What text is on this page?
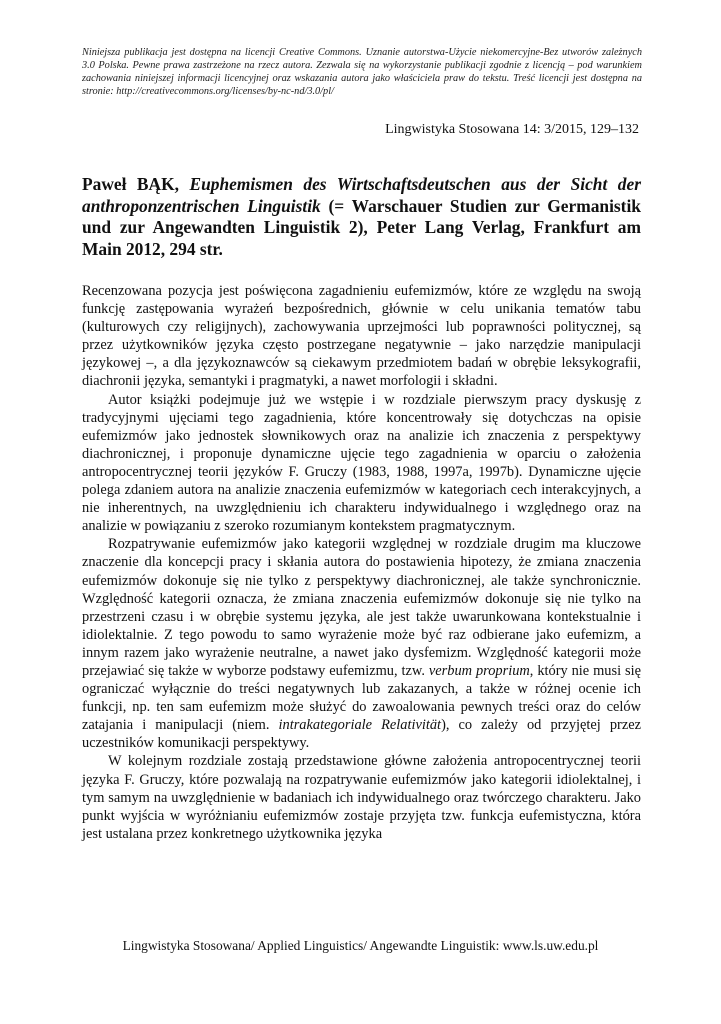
Niniejsza publikacja jest dostępna na licencji Creative Commons. Uznanie autorstwa-Użycie niekomercyjne-Bez utworów zależnych 3.0 Polska. Pewne prawa zastrzeżone na rzecz autora. Zezwala się na wykorzystanie publikacji zgodnie z licencją – pod warunkiem zachowania niniejszej informacji licencyjnej oraz wskazania autora jako właściciela praw do tekstu. Treść licencji jest dostępna na stronie: http://creativecommons.org/licenses/by-nc-nd/3.0/pl/
Lingwistyka Stosowana 14: 3/2015, 129–132
Paweł BĄK, Euphemismen des Wirtschaftsdeutschen aus der Sicht der anthroponzentrischen Linguistik (= Warschauer Studien zur Germanistik und zur Angewandten Linguistik 2), Peter Lang Verlag, Frankfurt am Main 2012, 294 str.

Recenzowana pozycja jest poświęcona zagadnieniu eufemizmów, które ze względu na swoją funkcję zastępowania wyrażeń bezpośrednich, głównie w celu unikania tematów tabu (kulturowych czy religijnych), zachowywania uprzejmości lub poprawności politycznej, są przez użytkowników języka często postrzegane negatywnie – jako narzędzie manipulacji językowej –, a dla językoznawców są ciekawym przedmiotem badań w obrębie leksykografii, diachronii języka, semantyki i pragmatyki, a nawet morfologii i składni.

Autor książki podejmuje już we wstępie i w rozdziale pierwszym pracy dyskusję z tradycyjnymi ujęciami tego zagadnienia, które koncentrowały się dotychczas na opisie eufemizmów jako jednostek słownikowych oraz na analizie ich znaczenia z perspektywy diachronicznej, i proponuje dynamiczne ujęcie tego zagadnienia w oparciu o założenia antropocentrycznej teorii języków F. Gruczy (1983, 1988, 1997a, 1997b). Dynamiczne ujęcie polega zdaniem autora na analizie znaczenia eufemizmów w kategoriach cech interakcyjnych, a nie inherentnych, na uwzględnieniu ich charakteru indywidualnego i względnego oraz na analizie w powiązaniu z szeroko rozumianym kontekstem pragmatycznym.

Rozpatrywanie eufemizmów jako kategorii względnej w rozdziale drugim ma kluczowe znaczenie dla koncepcji pracy i skłania autora do postawienia hipotezy, że zmiana znaczenia eufemizmów dokonuje się nie tylko z perspektywy diachronicznej, ale także synchronicznie. Względność kategorii oznacza, że zmiana znaczenia eufemizmów dokonuje się nie tylko na przestrzeni czasu i w obrębie systemu języka, ale jest także uwarunkowana kontekstualnie i idiolektalnie. Z tego powodu to samo wyrażenie może być raz odbierane jako eufemizm, a innym razem jako wyrażenie neutralne, a nawet jako dysfemizm. Względność kategorii może przejawiać się także w wyborze podstawy eufemizmu, tzw. verbum proprium, który nie musi się ograniczać wyłącznie do treści negatywnych lub zakazanych, a także w różnej ocenie ich funkcji, np. ten sam eufemizm może służyć do zawoalowania pewnych treści oraz do celów zatajania i manipulacji (niem. intrakategoriale Relativität), co zależy od przyjętej przez uczestników komunikacji perspektywy.

W kolejnym rozdziale zostają przedstawione główne założenia antropocentrycznej teorii języka F. Gruczy, które pozwalają na rozpatrywanie eufemizmów jako kategorii idiolektalnej, i tym samym na uwzględnienie w badaniach ich indywidualnego oraz twórczego charakteru. Jako punkt wyjścia w wyróżnianiu eufemizmów zostaje przyjęta tzw. funkcja eufemistyczna, która jest ustalana przez konkretnego użytkownika języka

Lingwistyka Stosowana/ Applied Linguistics/ Angewandte Linguistik: www.ls.uw.edu.pl
